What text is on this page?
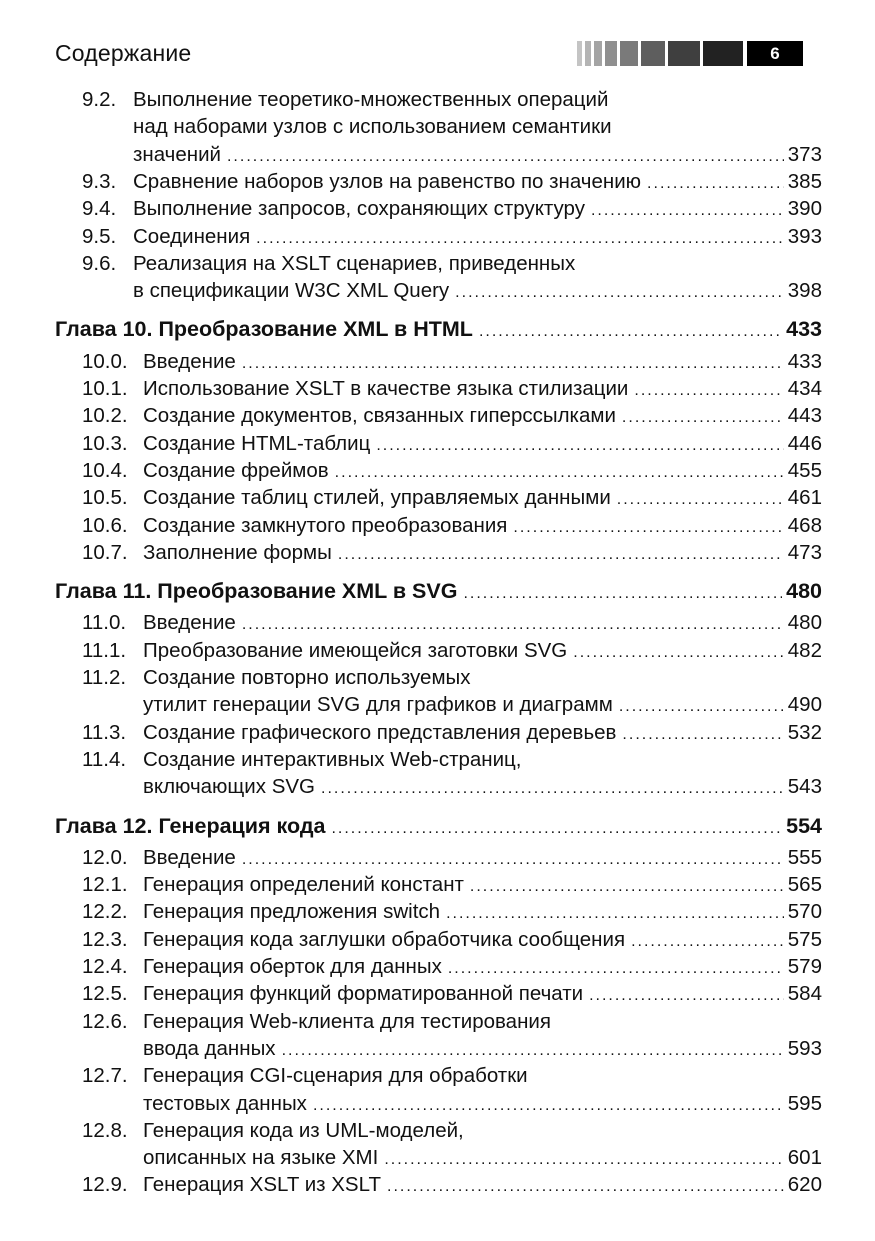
Содержание	6
9.2. Выполнение теоретико-множественных операций
над наборами узлов с использованием семантики
значений .....	373
9.3. Сравнение наборов узлов на равенство по значению .....	385
9.4. Выполнение запросов, сохраняющих структуру .....	390
9.5. Соединения .....	393
9.6. Реализация на XSLT сценариев, приведенных
в спецификации W3C XML Query .....	398
Глава 10. Преобразование XML в HTML .....	433
10.0. Введение .....	433
10.1. Использование XSLT в качестве языка стилизации .....	434
10.2. Создание документов, связанных гиперссылками .....	443
10.3. Создание HTML-таблиц .....	446
10.4. Создание фреймов .....	455
10.5. Создание таблиц стилей, управляемых данными .....	461
10.6. Создание замкнутого преобразования .....	468
10.7. Заполнение формы .....	473
Глава 11. Преобразование XML в SVG .....	480
11.0. Введение .....	480
11.1. Преобразование имеющейся заготовки SVG .....	482
11.2. Создание повторно используемых
утилит генерации SVG для графиков и диаграмм .....	490
11.3. Создание графического представления деревьев .....	532
11.4. Создание интерактивных Web-страниц,
включающих SVG .....	543
Глава 12. Генерация кода .....	554
12.0. Введение .....	555
12.1. Генерация определений констант .....	565
12.2. Генерация предложения switch .....	570
12.3. Генерация кода заглушки обработчика сообщения .....	575
12.4. Генерация оберток для данных .....	579
12.5. Генерация функций форматированной печати .....	584
12.6. Генерация Web-клиента для тестирования
ввода данных .....	593
12.7. Генерация CGI-сценария для обработки
тестовых данных .....	595
12.8. Генерация кода из UML-моделей,
описанных на языке XMI .....	601
12.9. Генерация XSLT из XSLT .....	620
